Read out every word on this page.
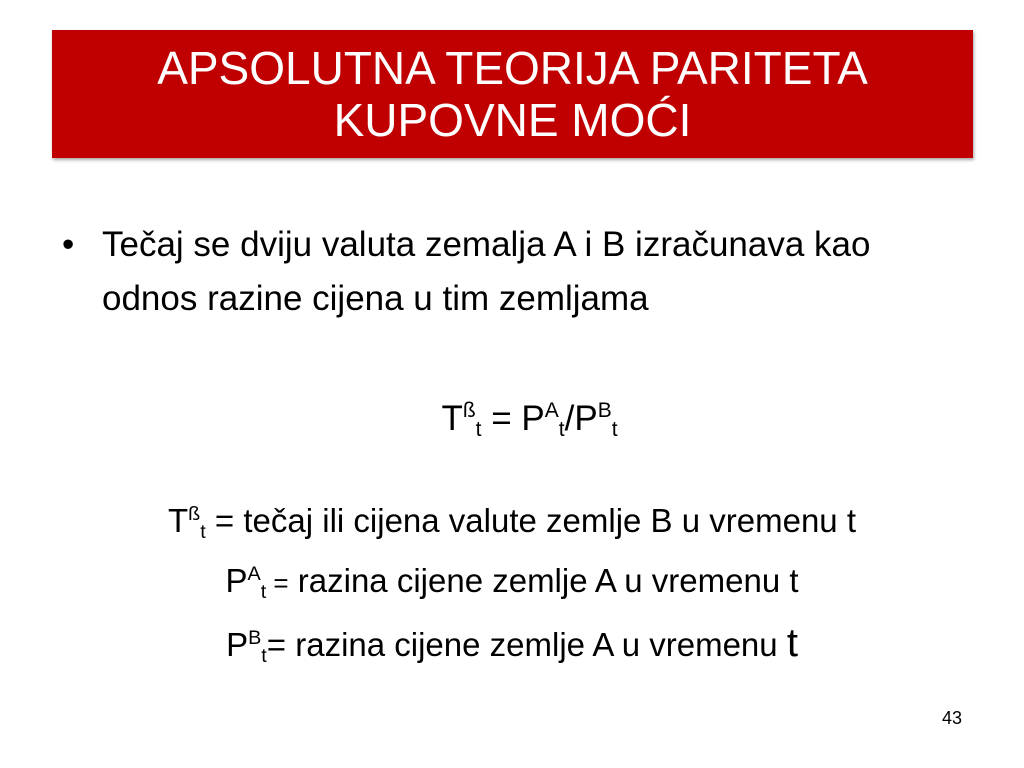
APSOLUTNA TEORIJA PARITETA
KUPOVNE MOĆI
• Tečaj se dviju valuta zemalja A i B izračunava kao odnos razine cijena u tim zemljama
$T^ß_t = P^A_t/P^B_t$
$T^ß_t$ = tečaj ili cijena valute zemlje B u vremenu t
$P^A_t$ = razina cijene zemlje A u vremenu t
$P^B_t=$ razina cijene zemlje A u vremenu t
43
